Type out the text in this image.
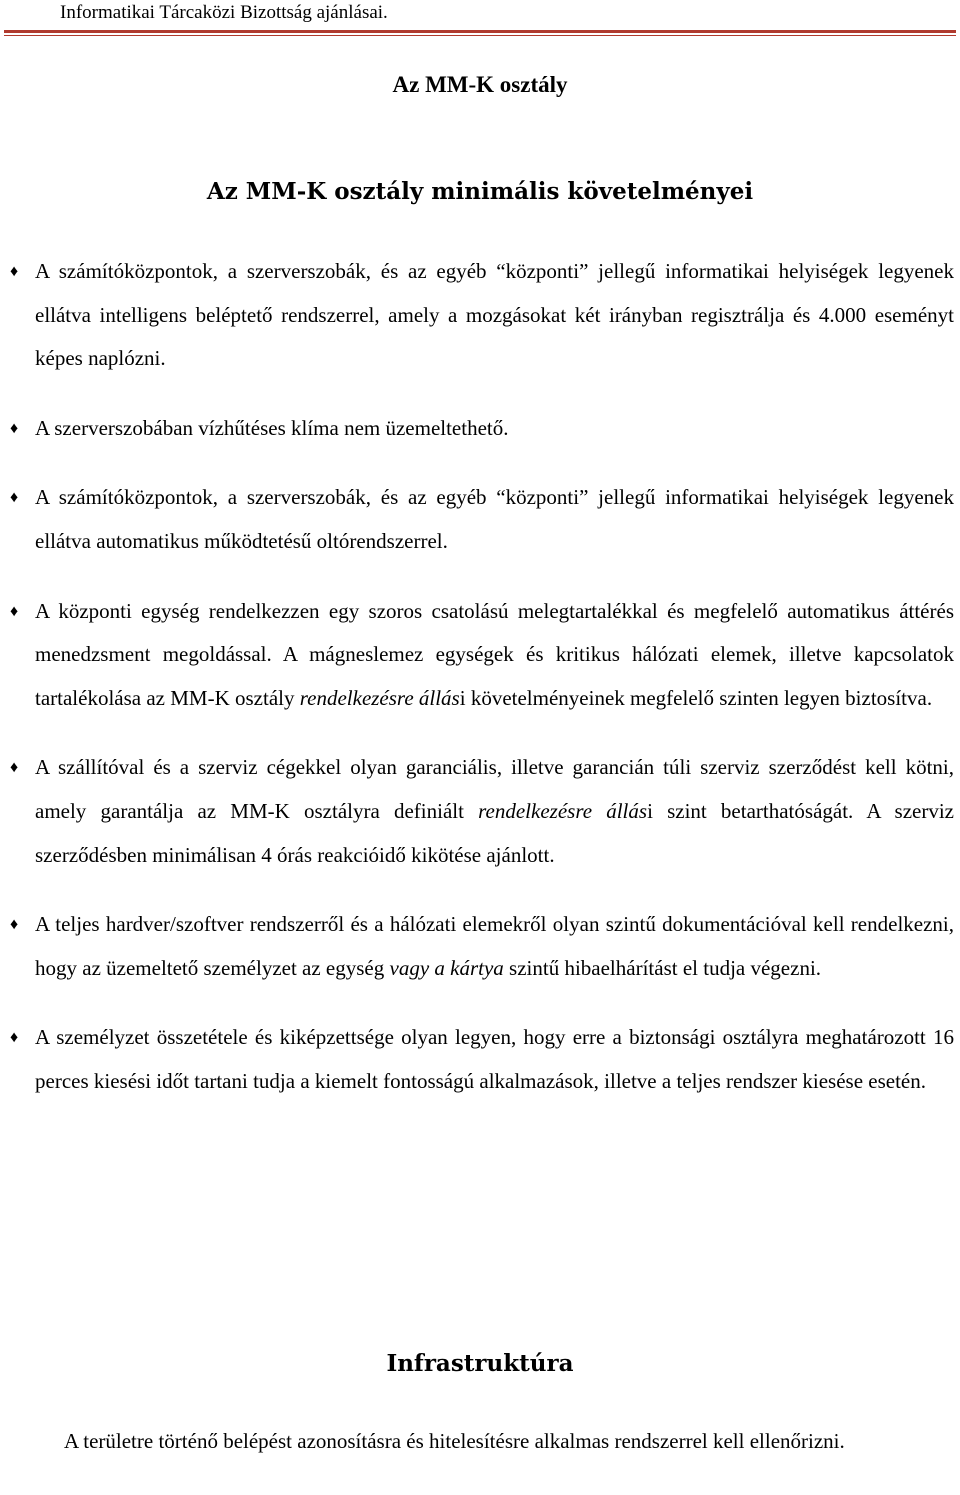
Informatikai Tárcaközi Bizottság ajánlásai.
Az MM-K osztály
Az MM-K osztály minimális követelményei
♦ A számítóközpontok, a szerverszobák, és az egyéb “központi” jellegű informatikai helyiségek legyenek ellátva intelligens beléptető rendszerrel, amely a mozgásokat két irányban regisztrálja és 4.000 eseményt képes naplózni.
♦ A szerverszobában vízhűtéses klíma nem üzemeltethető.
♦ A számítóközpontok, a szerverszobák, és az egyéb “központi” jellegű informatikai helyiségek legyenek ellátva automatikus működtetésű oltórendszerrel.
♦ A központi egység rendelkezzen egy szoros csatolású melegtartalékkal és megfelelő automatikus áttérés menedzsment megoldással. A mágneslemez egységek és kritikus hálózati elemek, illetve kapcsolatok tartalékolása az MM-K osztály rendelkezésre állási követelményeinek megfelelő szinten legyen biztosítva.
♦ A szállítóval és a szerviz cégekkel olyan garanciális, illetve garancián túli szerviz szerződést kell kötni, amely garantálja az MM-K osztályra definiált rendelkezésre állási szint betarthatóságát. A szerviz szerződésben minimálisan 4 órás reakcióidő kikötése ajánlott.
♦ A teljes hardver/szoftver rendszerről és a hálózati elemekről olyan szintű dokumentációval kell rendelkezni, hogy az üzemeltető személyzet az egység vagy a kártya szintű hibaelhárítást el tudja végezni.
♦ A személyzet összetétele és kiképzettsége olyan legyen, hogy erre a biztonsági osztályra meghatározott 16 perces kiesési időt tartani tudja a kiemelt fontosságú alkalmazások, illetve a teljes rendszer kiesése esetén.
Infrastruktúra
A területre történő belépést azonosításra és hitelesítésre alkalmas rendszerrel kell ellenőrizni.
